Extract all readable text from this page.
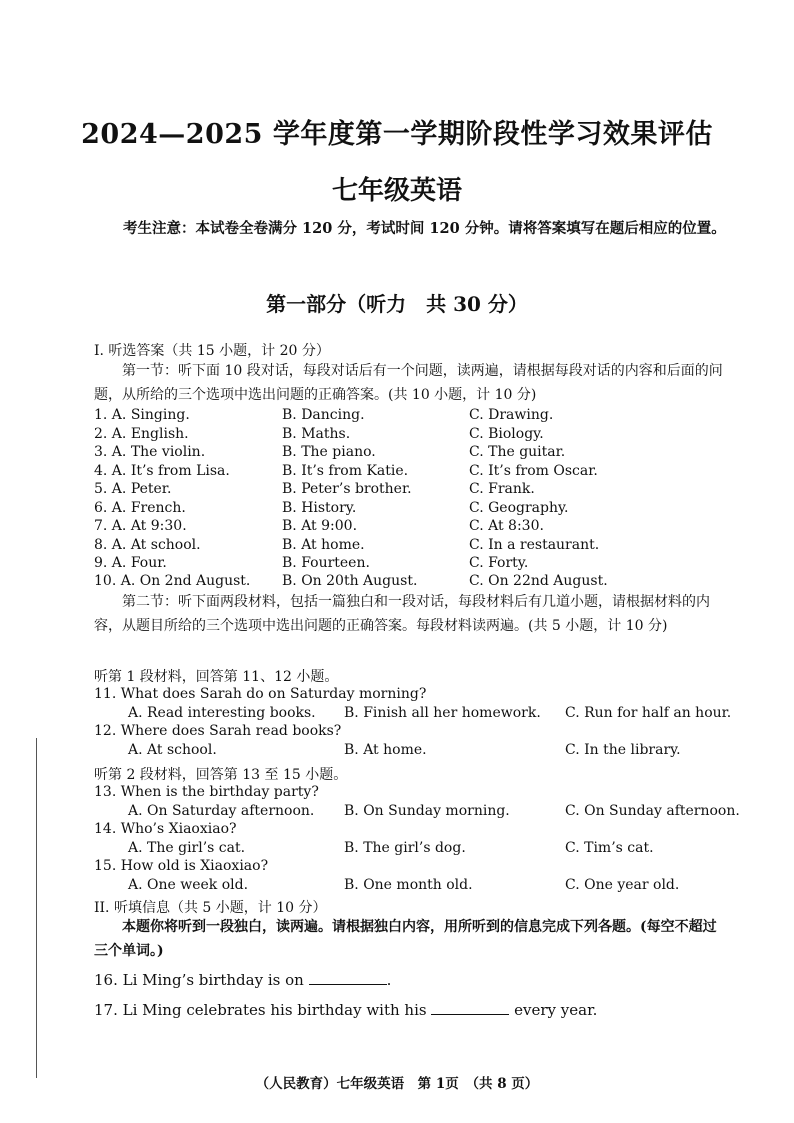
2024—2025 学年度第一学期阶段性学习效果评估
七年级英语
考生注意：本试卷全卷满分 120 分，考试时间 120 分钟。请将答案填写在题后相应的位置。
第一部分（听力　共 30 分）
I. 听选答案（共 15 小题，计 20 分）
第一节：听下面 10 段对话，每段对话后有一个问题，读两遍，请根据每段对话的内容和后面的问题，从所给的三个选项中选出问题的正确答案。(共 10 小题，计 10 分)
1. A. Singing.	B. Dancing.	C. Drawing.
2. A. English.	B. Maths.	C. Biology.
3. A. The violin.	B. The piano.	C. The guitar.
4. A. It’s from Lisa.	B. It’s from Katie.	C. It’s from Oscar.
5. A. Peter.	B. Peter’s brother.	C. Frank.
6. A. French.	B. History.	C. Geography.
7. A. At 9:30.	B. At 9:00.	C. At 8:30.
8. A. At school.	B. At home.	C. In a restaurant.
9. A. Four.	B. Fourteen.	C. Forty.
10. A. On 2nd August. B. On 20th August.	C. On 22nd August.
第二节：听下面两段材料，包括一篇独白和一段对话，每段材料后有几道小题，请根据材料的内容，从题目所给的三个选项中选出问题的正确答案。每段材料读两遍。(共 5 小题，计 10 分)
听第 1 段材料，回答第 11、12 小题。
11. What does Sarah do on Saturday morning?
A. Read interesting books. B. Finish all her homework. C. Run for half an hour.
12. Where does Sarah read books?
A. At school.	B. At home.	C. In the library.
听第 2 段材料，回答第 13 至 15 小题。
13. When is the birthday party?
A. On Saturday afternoon. B. On Sunday morning.	C. On Sunday afternoon.
14. Who’s Xiaoxiao?
A. The girl’s cat.	B. The girl’s dog.	C. Tim’s cat.
15. How old is Xiaoxiao?
A. One week old.	B. One month old.	C. One year old.
II. 听填信息（共 5 小题，计 10 分）
本题你将听到一段独白，读两遍。请根据独白内容，用所听到的信息完成下列各题。(每空不超过三个单词。)
16. Li Ming’s birthday is on	.
17. Li Ming celebrates his birthday with his	every year.
（人民教育）七年级英语　第 1页　（共 8 页）
